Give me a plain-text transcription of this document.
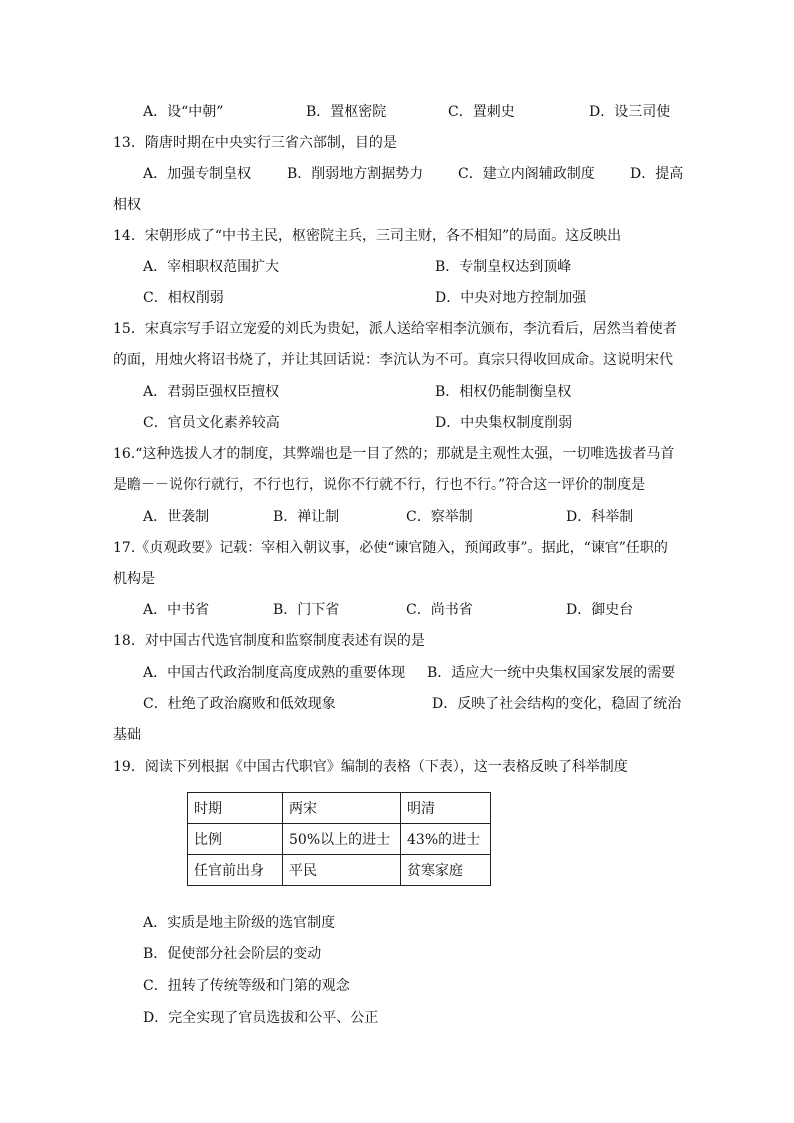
A．设“中朝”	B．置枢密院	C．置刺史	D．设三司使
13．隋唐时期在中央实行三省六部制，目的是
A．加强专制皇权	B．削弱地方割据势力 C．建立内阁辅政制度	D．提高
相权
14．宋朝形成了“中书主民，枢密院主兵，三司主财，各不相知”的局面。这反映出
A．宰相职权范围扩大	B．专制皇权达到顶峰
C．相权削弱	D．中央对地方控制加强
15．宋真宗写手诏立宠爱的刘氏为贵妃，派人送给宰相李沆颁布，李沆看后，居然当着使者
的面，用烛火将诏书烧了，并让其回话说：李沆认为不可。真宗只得收回成命。这说明宋代
A．君弱臣强权臣擅权	B．相权仍能制衡皇权
C．官员文化素养较高	D．中央集权制度削弱
16.“这种选拔人才的制度，其弊端也是一目了然的；那就是主观性太强，一切唯选拔者马首
是瞻－－说你行就行，不行也行，说你不行就不行，行也不行。”符合这一评价的制度是
A．世袭制	B．禅让制	C．察举制	D．科举制
17.《贞观政要》记载：宰相入朝议事，必使“谏官随入，预闻政事”。据此，“谏官”任职的
机构是
A．中书省	B．门下省	C．尚书省	D．御史台
18．对中国古代选官制度和监察制度表述有误的是
A．中国古代政治制度高度成熟的重要体现 B．适应大一统中央集权国家发展的需要
C．杜绝了政治腐败和低效现象	D．反映了社会结构的变化，稳固了统治
基础
19．阅读下列根据《中国古代职官》编制的表格（下表），这一表格反映了科举制度
时期	两宋	明清
比例	50%以上的进士	43%的进士
任官前出身	平民	贫寒家庭
A．实质是地主阶级的选官制度
B．促使部分社会阶层的变动
C．扭转了传统等级和门第的观念
D．完全实现了官员选拔和公平、公正
